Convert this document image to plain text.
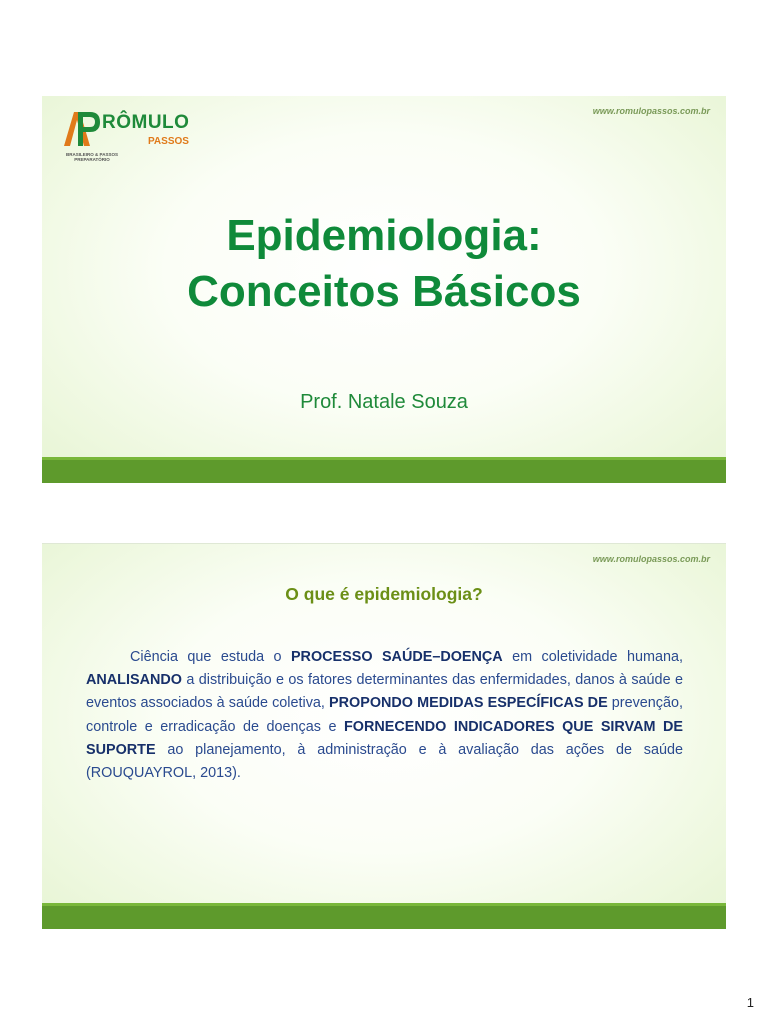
RÔMULO
PASSOS
BRASILEIRO & PASSOS PREPARATÓRIO
www.romulopassos.com.br
Epidemiologia:
Conceitos Básicos
Prof. Natale Souza
www.romulopassos.com.br
O que é epidemiologia?
Ciência que estuda o PROCESSO SAÚDE–DOENÇA em coletividade humana, ANALISANDO a distribuição e os fatores determinantes das enfermidades, danos à saúde e eventos associados à saúde coletiva, PROPONDO MEDIDAS ESPECÍFICAS DE prevenção, controle e erradicação de doenças e FORNECENDO INDICADORES QUE SIRVAM DE SUPORTE ao planejamento, à administração e à avaliação das ações de saúde (ROUQUAYROL, 2013).
1
